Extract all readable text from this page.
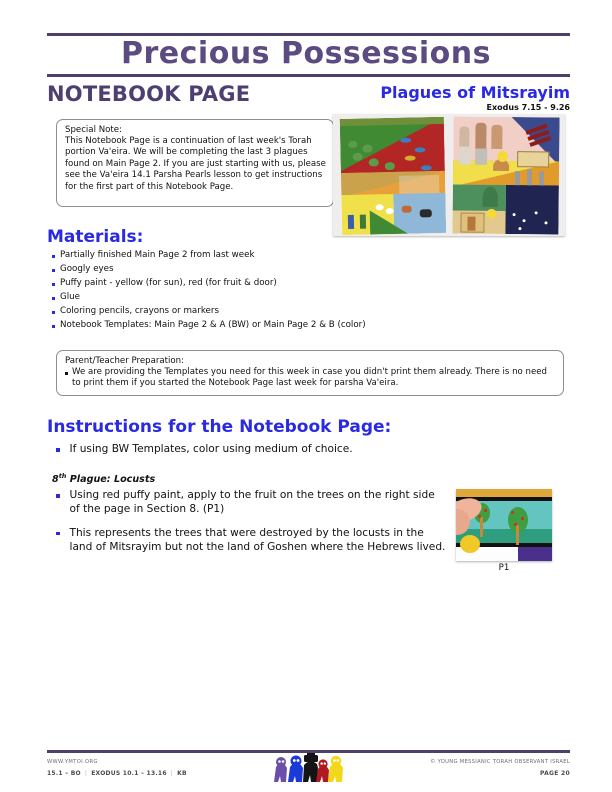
Precious Possessions
NOTEBOOK PAGE	Plagues of Mitsrayim
Exodus 7.15 - 9.26
Special Note:

This Notebook Page is a continuation of last week's Torah portion Va'eira. We will be completing the last 3 plagues found on Main Page 2. If you are just starting with us, please see the Va'eira 14.1 Parsha Pearls lesson to get instructions for the first part of this Notebook Page.

Materials:
Partially finished Main Page 2 from last week
Googly eyes
Puffy paint - yellow (for sun), red (for fruit & door)
Glue
Coloring pencils, crayons or markers
Notebook Templates: Main Page 2 & A (BW) or Main Page 2 & B (color)
Parent/Teacher Preparation:

We are providing the Templates you need for this week in case you didn't print them already. There is no need to print them if you started the Notebook Page last week for parsha Va'eira.

Instructions for the Notebook Page:
If using BW Templates, color using medium of choice.
8th Plague: Locusts
Using red puffy paint, apply to the fruit on the trees on the right side of the page in Section 8. (P1)
This represents the trees that were destroyed by the locusts in the land of Mitsrayim but not the land of Goshen where the Hebrews lived.
P1
WWW.YMTOI.ORG
15.1 – BO | EXODUS 10.1 – 13.16 | KB
© YOUNG MESSIANIC TORAH OBSERVANT ISRAEL
PAGE 20
